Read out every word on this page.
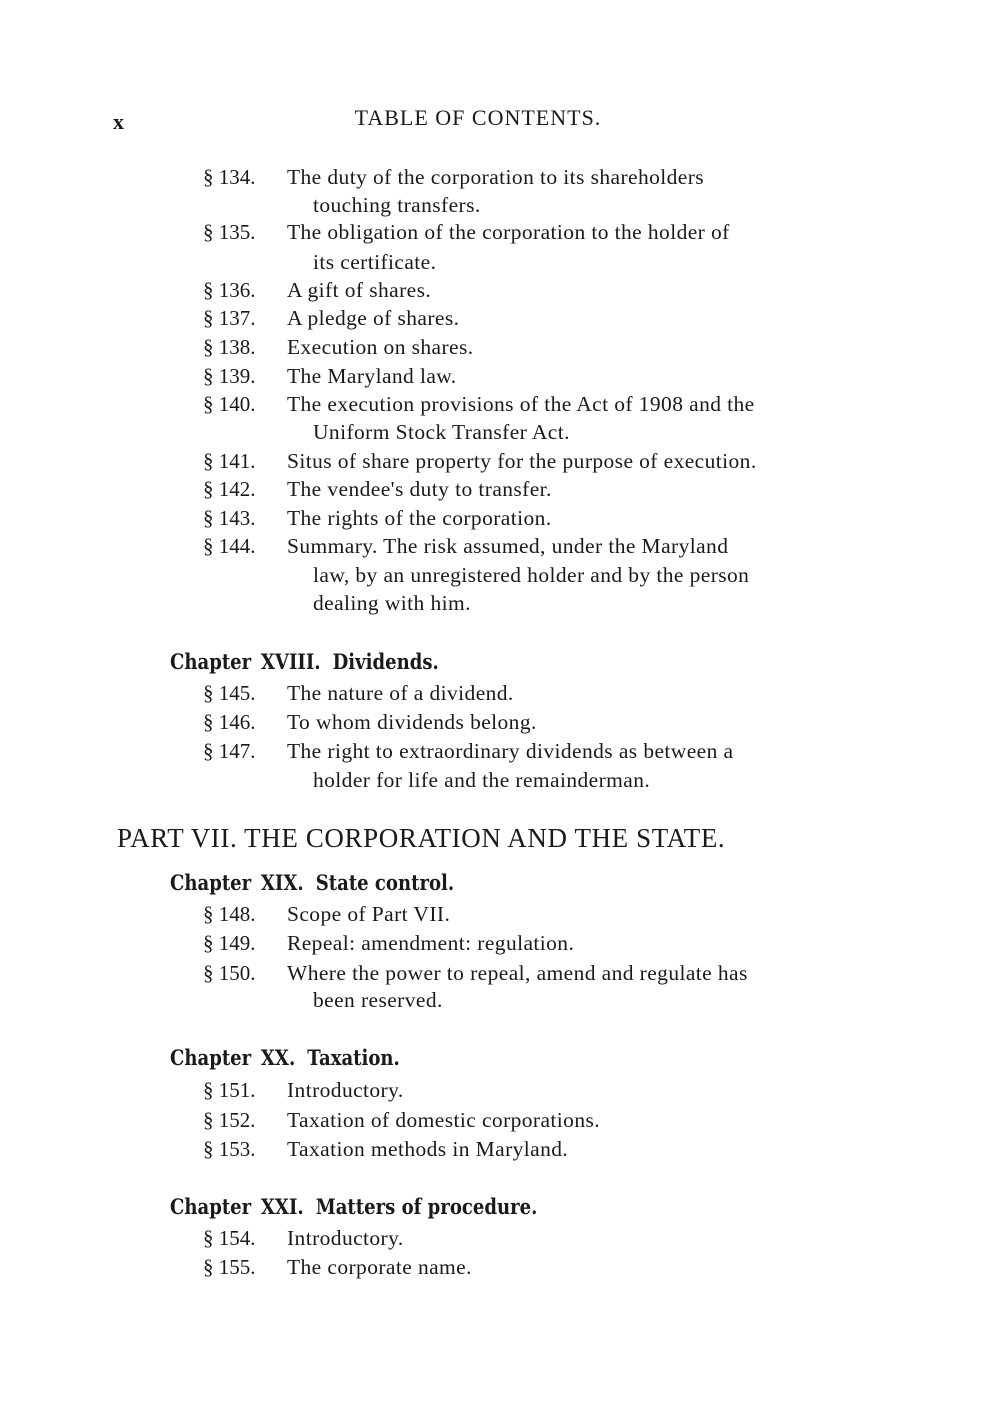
x	TABLE OF CONTENTS.
§ 134. The duty of the corporation to its shareholders
touching transfers.
§ 135. The obligation of the corporation to the holder of
its certificate.
§ 136. A gift of shares.
§ 137. A pledge of shares.
§ 138. Execution on shares.
§ 139. The Maryland law.
§ 140. The execution provisions of the Act of 1908 and the
Uniform Stock Transfer Act.
§ 141. Situs of share property for the purpose of execution.
§ 142. The vendee's duty to transfer.
§ 143. The rights of the corporation.
§ 144. Summary. The risk assumed, under the Maryland
law, by an unregistered holder and by the person
dealing with him.
Chapter XVIII. Dividends.
§ 145. The nature of a dividend.
§ 146. To whom dividends belong.
§ 147. The right to extraordinary dividends as between a
holder for life and the remainderman.
PART VII. THE CORPORATION AND THE STATE.
Chapter XIX. State control.
§ 148. Scope of Part VII.
§ 149. Repeal: amendment: regulation.
§ 150. Where the power to repeal, amend and regulate has
been reserved.
Chapter XX. Taxation.
§ 151. Introductory.
§ 152. Taxation of domestic corporations.
§ 153. Taxation methods in Maryland.
Chapter XXI. Matters of procedure.
§ 154. Introductory.
§ 155. The corporate name.
